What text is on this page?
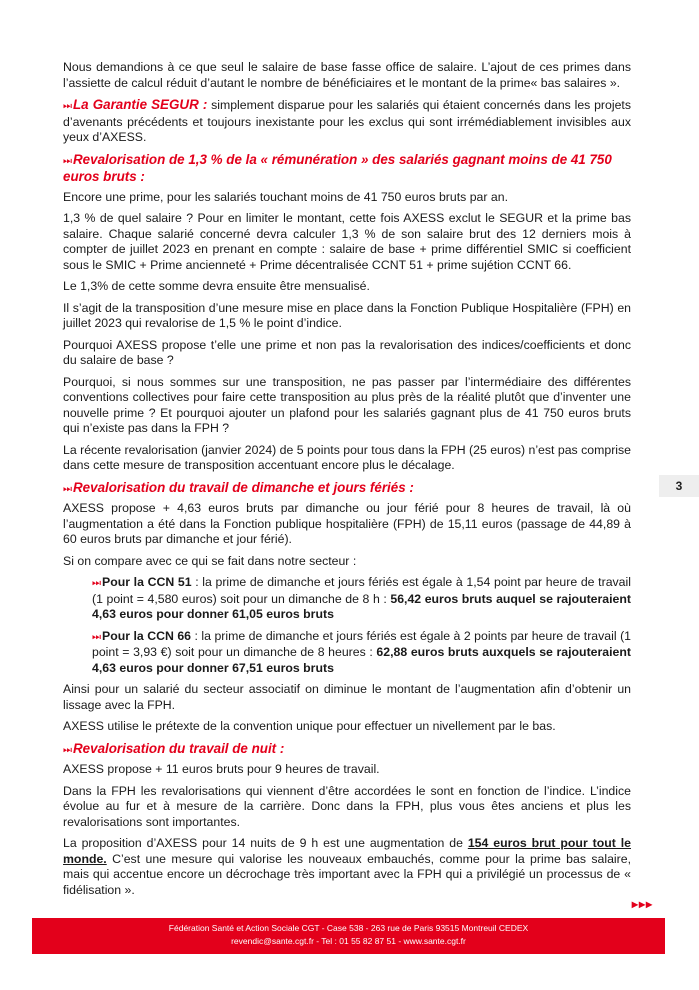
Nous demandions à ce que seul le salaire de base fasse office de salaire. L’ajout de ces primes dans l’assiette de calcul réduit d’autant le nombre de bénéficiaires et le montant de la prime« bas salaires ».

⏭ La Garantie SEGUR : simplement disparue pour les salariés qui étaient concernés dans les projets d’avenants précédents et toujours inexistante pour les exclus qui sont irrémédiablement invisibles aux yeux d’AXESS.

⏭ Revalorisation de 1,3 % de la « rémunération » des salariés gagnant moins de 41 750 euros bruts :

Encore une prime, pour les salariés touchant moins de 41 750 euros bruts par an.

1,3 % de quel salaire ? Pour en limiter le montant, cette fois AXESS exclut le SEGUR et la prime bas salaire. Chaque salarié concerné devra calculer 1,3 % de son salaire brut des 12 derniers mois à compter de juillet 2023 en prenant en compte : salaire de base + prime différentiel SMIC si coefficient sous le SMIC + Prime ancienneté + Prime décentralisée CCNT 51 + prime sujétion CCNT 66.

Le 1,3% de cette somme devra ensuite être mensualisé.

Il s’agit de la transposition d’une mesure mise en place dans la Fonction Publique Hospitalière (FPH) en juillet 2023 qui revalorise de 1,5 % le point d’indice.

Pourquoi AXESS propose t’elle une prime et non pas la revalorisation des indices/coefficients et donc du salaire de base ?

Pourquoi, si nous sommes sur une transposition, ne pas passer par l’intermédiaire des différentes conventions collectives pour faire cette transposition au plus près de la réalité plutôt que d’inventer une nouvelle prime ? Et pourquoi ajouter un plafond pour les salariés gagnant plus de 41 750 euros bruts qui n’existe pas dans la FPH ?

La récente revalorisation (janvier 2024) de 5 points pour tous dans la FPH (25 euros) n’est pas comprise dans cette mesure de transposition accentuant encore plus le décalage.

⏭ Revalorisation du travail de dimanche et jours fériés :

AXESS propose + 4,63 euros bruts par dimanche ou jour férié pour 8 heures de travail, là où l’augmentation a été dans la Fonction publique hospitalière (FPH) de 15,11 euros (passage de 44,89 à 60 euros bruts par dimanche et jour férié).

Si on compare avec ce qui se fait dans notre secteur :

⏭ Pour la CCN 51 : la prime de dimanche et jours fériés est égale à 1,54 point par heure de travail (1 point = 4,580 euros) soit pour un dimanche de 8 h : 56,42 euros bruts auquel se rajouteraient 4,63 euros pour donner 61,05 euros bruts

⏭ Pour la CCN 66 : la prime de dimanche et jours fériés est égale à 2 points par heure de travail (1 point = 3,93 €) soit pour un dimanche de 8 heures : 62,88 euros bruts auxquels se rajouteraient 4,63 euros pour donner 67,51 euros bruts

Ainsi pour un salarié du secteur associatif on diminue le montant de l’augmentation afin d’obtenir un lissage avec la FPH.

AXESS utilise le prétexte de la convention unique pour effectuer un nivellement par le bas.

⏭ Revalorisation du travail de nuit :

AXESS propose + 11 euros bruts pour 9 heures de travail.

Dans la FPH les revalorisations qui viennent d’être accordées le sont en fonction de l’indice. L’indice évolue au fur et à mesure de la carrière. Donc dans la FPH, plus vous êtes anciens et plus les revalorisations sont importantes.

La proposition d’AXESS pour 14 nuits de 9 h est une augmentation de 154 euros brut pour tout le monde. C’est une mesure qui valorise les nouveaux embauchés, comme pour la prime bas salaire, mais qui accentue encore un décrochage très important avec la FPH qui a privilégié un processus de « fidélisation ».

3
▸▸▸
Fédération Santé et Action Sociale CGT - Case 538 - 263 rue de Paris 93515 Montreuil CEDEX
revendic@sante.cgt.fr - Tel : 01 55 82 87 51 - www.sante.cgt.fr
